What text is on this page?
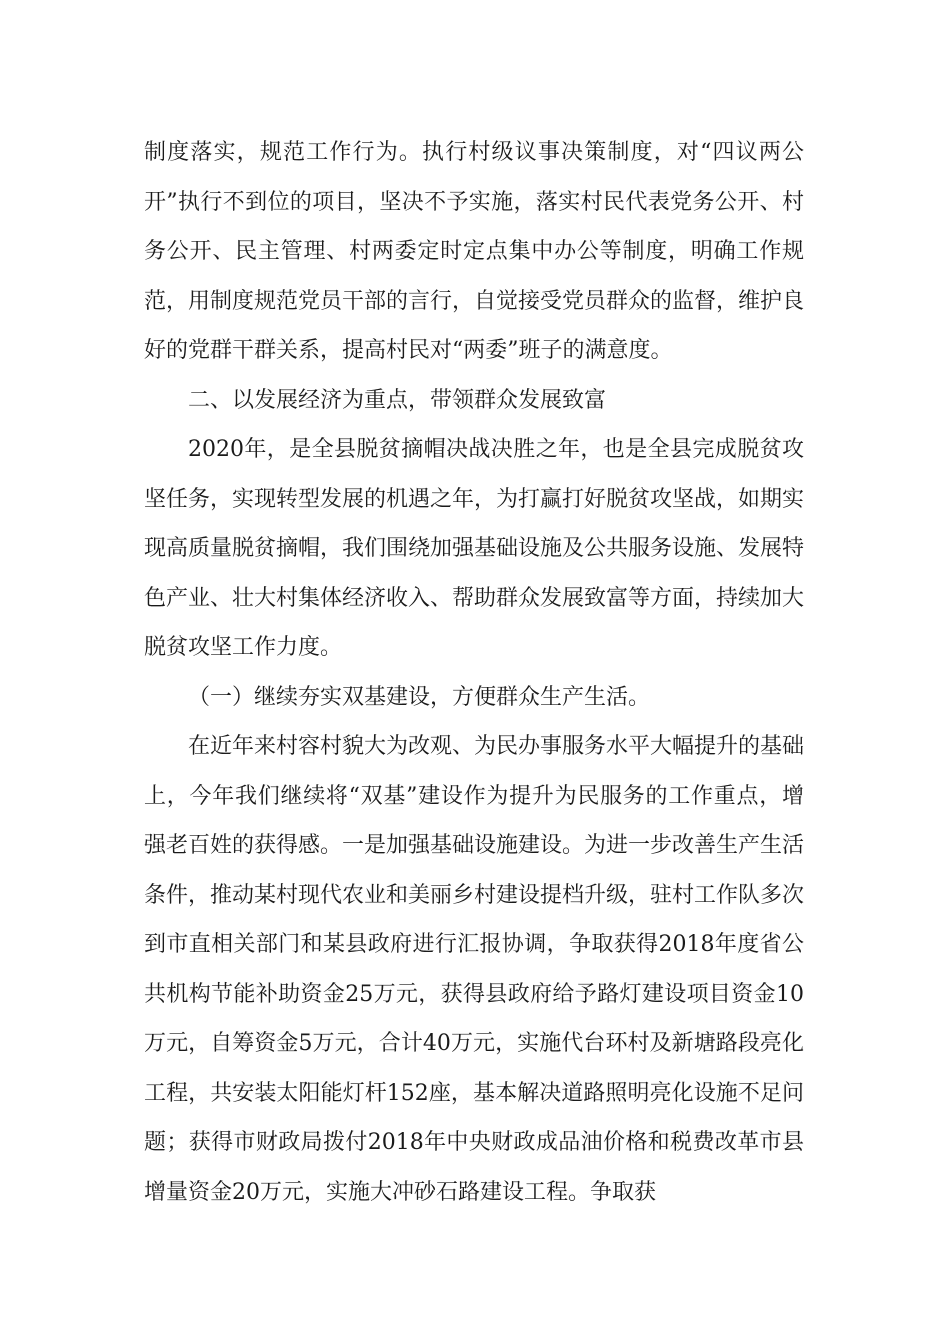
制度落实，规范工作行为。执行村级议事决策制度，对“四议两公开”执行不到位的项目，坚决不予实施，落实村民代表党务公开、村务公开、民主管理、村两委定时定点集中办公等制度，明确工作规范，用制度规范党员干部的言行，自觉接受党员群众的监督，维护良好的党群干群关系，提高村民对“两委”班子的满意度。

二、以发展经济为重点，带领群众发展致富

2020年，是全县脱贫摘帽决战决胜之年，也是全县完成脱贫攻坚任务，实现转型发展的机遇之年，为打赢打好脱贫攻坚战，如期实现高质量脱贫摘帽，我们围绕加强基础设施及公共服务设施、发展特色产业、壮大村集体经济收入、帮助群众发展致富等方面，持续加大脱贫攻坚工作力度。

（一）继续夯实双基建设，方便群众生产生活。

在近年来村容村貌大为改观、为民办事服务水平大幅提升的基础上，今年我们继续将“双基”建设作为提升为民服务的工作重点，增强老百姓的获得感。一是加强基础设施建设。为进一步改善生产生活条件，推动某村现代农业和美丽乡村建设提档升级，驻村工作队多次到市直相关部门和某县政府进行汇报协调，争取获得2018年度省公共机构节能补助资金25万元，获得县政府给予路灯建设项目资金10万元，自筹资金5万元，合计40万元，实施代台环村及新塘路段亮化工程，共安装太阳能灯杆152座，基本解决道路照明亮化设施不足问题；获得市财政局拨付2018年中央财政成品油价格和税费改革市县增量资金20万元，实施大冲砂石路建设工程。争取获
